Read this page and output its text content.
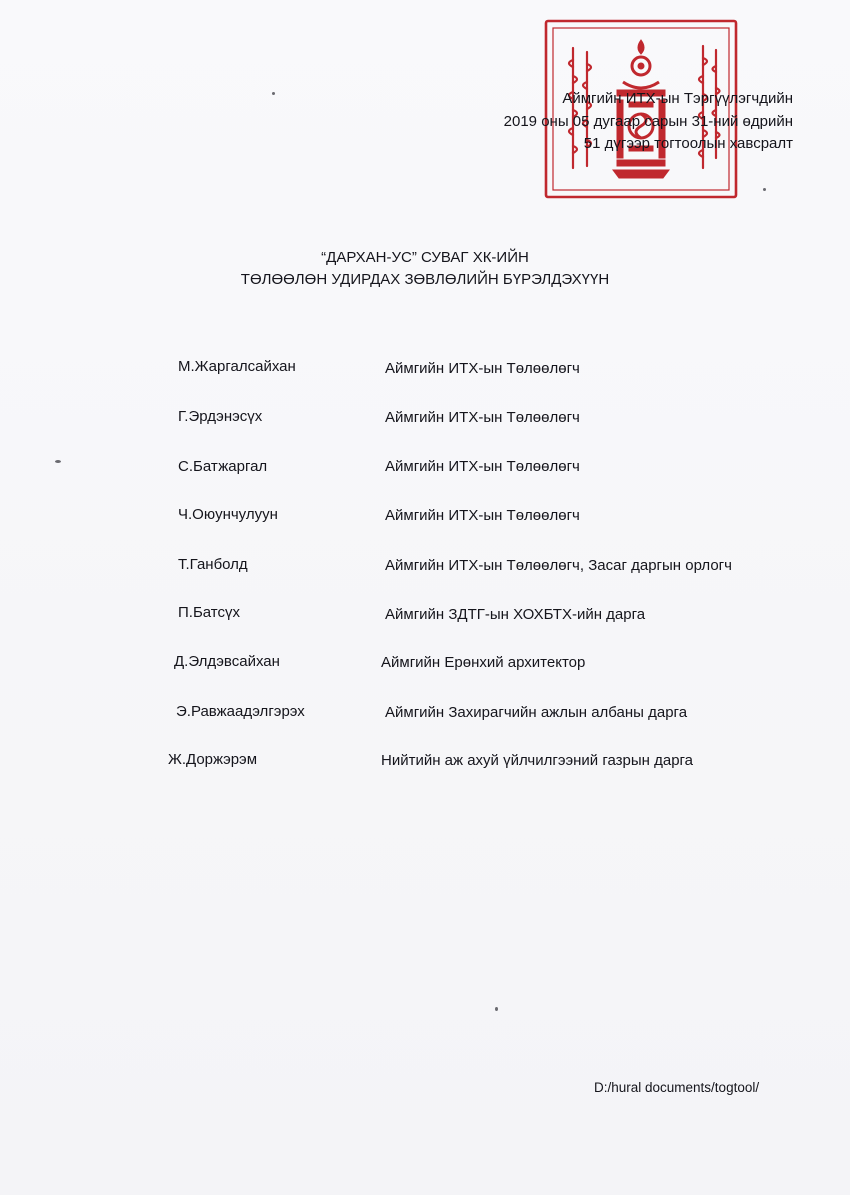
Аймгийн ИТХ-ын Тэргүүлэгчдийн
2019 оны 05 дугаар сарын 31-ний өдрийн
51 дүгээр тогтоолын хавсралт
“ДАРХАН-УС” СУВАГ ХК-ИЙН
ТӨЛӨӨЛӨН УДИРДАХ ЗӨВЛӨЛИЙН БҮРЭЛДЭХҮҮН
М.Жаргалсайхан	Аймгийн ИТХ-ын Төлөөлөгч
Г.Эрдэнэсүх	Аймгийн ИТХ-ын Төлөөлөгч
С.Батжаргал	Аймгийн ИТХ-ын Төлөөлөгч
Ч.Оюунчулуун	Аймгийн ИТХ-ын Төлөөлөгч
Т.Ганболд	Аймгийн ИТХ-ын Төлөөлөгч, Засаг даргын орлогч
П.Батсүх	Аймгийн ЗДТГ-ын ХОХБТХ-ийн дарга
Д.Элдэвсайхан	Аймгийн Ерөнхий архитектор
Э.Равжаадэлгэрэх	Аймгийн Захирагчийн ажлын албаны дарга
Ж.Доржэрэм	Нийтийн аж ахуй үйлчилгээний газрын дарга
D:/hural documents/togtool/
